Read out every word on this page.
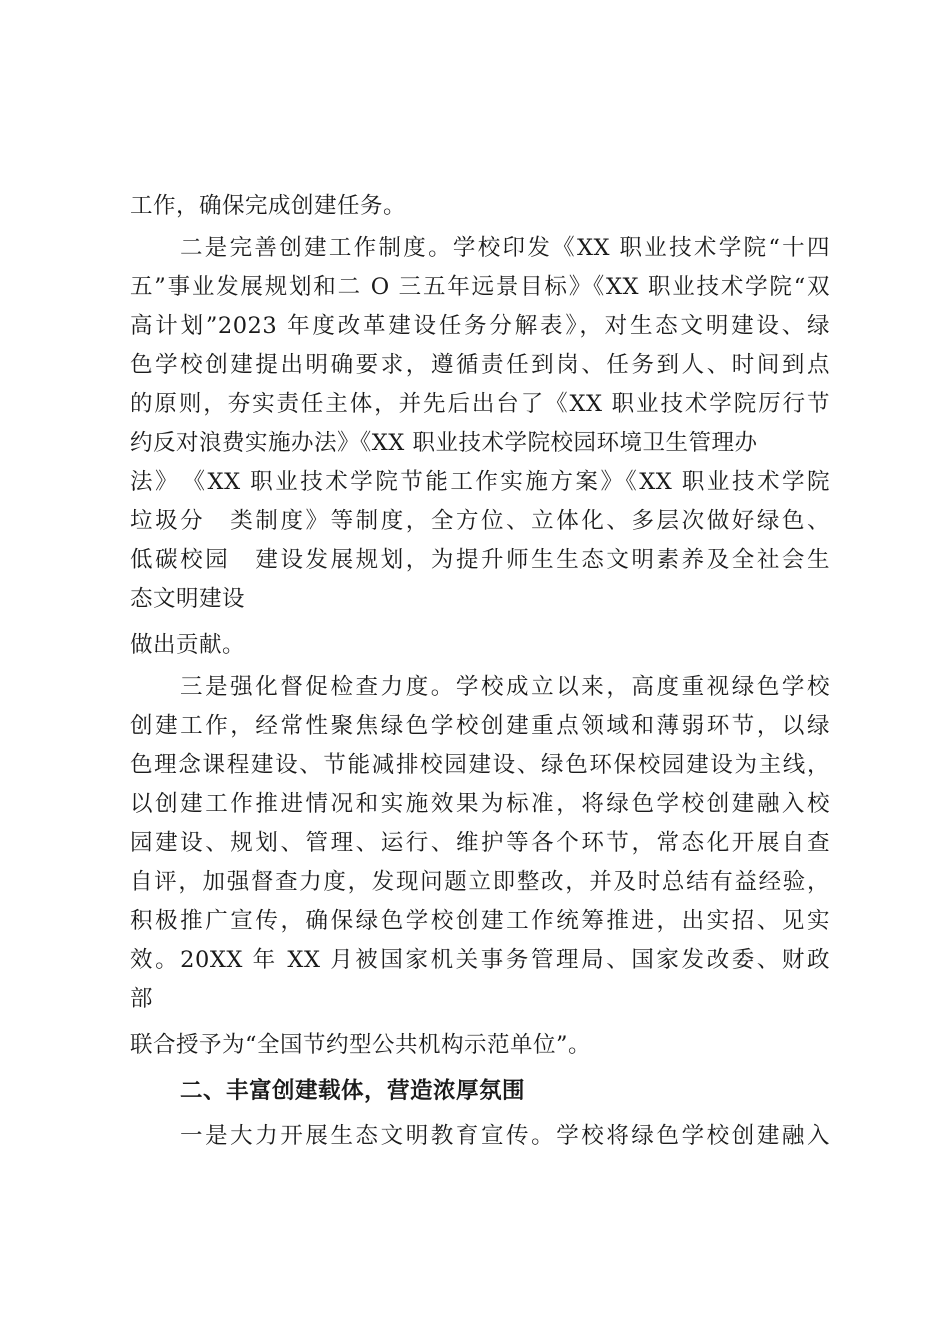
工作，确保完成创建任务。
二是完善创建工作制度。学校印发《XX 职业技术学院“十四
五”事业发展规划和二 O 三五年远景目标》《XX 职业技术学院“双
高计划”2023 年度改革建设任务分解表》，对生态文明建设、绿
色学校创建提出明确要求，遵循责任到岗、任务到人、时间到点
的原则，夯实责任主体，并先后出台了《XX 职业技术学院厉行节
约反对浪费实施办法》《XX 职业技术学院校园环境卫生管理办
法》　《XX 职业技术学院节能工作实施方案》《XX 职业技术学院
垃圾分　类制度》等制度，全方位、立体化、多层次做好绿色、
低碳校园　建设发展规划，为提升师生生态文明素养及全社会生
态文明建设
做出贡献。
三是强化督促检查力度。学校成立以来，高度重视绿色学校
创建工作，经常性聚焦绿色学校创建重点领域和薄弱环节，以绿
色理念课程建设、节能减排校园建设、绿色环保校园建设为主线，
以创建工作推进情况和实施效果为标准，将绿色学校创建融入校
园建设、规划、管理、运行、维护等各个环节，常态化开展自查
自评，加强督查力度，发现问题立即整改，并及时总结有益经验，
积极推广宣传，确保绿色学校创建工作统筹推进，出实招、见实
效。20XX 年 XX 月被国家机关事务管理局、国家发改委、财政
部
联合授予为“全国节约型公共机构示范单位”。
二、丰富创建载体，营造浓厚氛围
一是大力开展生态文明教育宣传。学校将绿色学校创建融入
